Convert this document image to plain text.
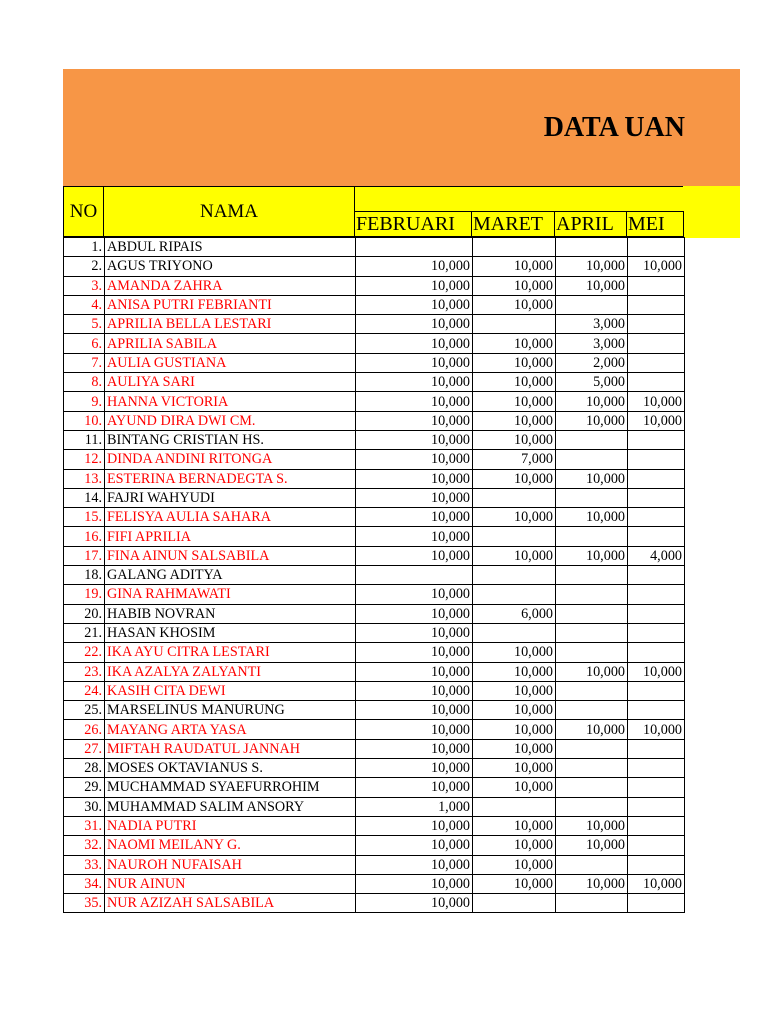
DATA UAN
NO	NAMA
FEBRUARI MARET APRIL MEI
1.	ABDUL RIPAIS				
2.	AGUS TRIYONO	10,000	10,000	10,000	10,000
3.	AMANDA ZAHRA	10,000	10,000	10,000	
4.	ANISA PUTRI FEBRIANTI	10,000	10,000		
5.	APRILIA BELLA LESTARI	10,000		3,000	
6.	APRILIA SABILA	10,000	10,000	3,000	
7.	AULIA GUSTIANA	10,000	10,000	2,000	
8.	AULIYA SARI	10,000	10,000	5,000	
9.	HANNA VICTORIA	10,000	10,000	10,000	10,000
10.	AYUND DIRA DWI CM.	10,000	10,000	10,000	10,000
11.	BINTANG CRISTIAN HS.	10,000	10,000		
12.	DINDA ANDINI RITONGA	10,000	7,000		
13.	ESTERINA BERNADEGTA S.	10,000	10,000	10,000	
14.	FAJRI WAHYUDI	10,000			
15.	FELISYA AULIA SAHARA	10,000	10,000	10,000	
16.	FIFI APRILIA	10,000			
17.	FINA AINUN SALSABILA	10,000	10,000	10,000	4,000
18.	GALANG ADITYA				
19.	GINA RAHMAWATI	10,000			
20.	HABIB NOVRAN	10,000	6,000		
21.	HASAN KHOSIM	10,000			
22.	IKA AYU CITRA LESTARI	10,000	10,000		
23.	IKA AZALYA ZALYANTI	10,000	10,000	10,000	10,000
24.	KASIH CITA DEWI	10,000	10,000		
25.	MARSELINUS MANURUNG	10,000	10,000		
26.	MAYANG ARTA YASA	10,000	10,000	10,000	10,000
27.	MIFTAH RAUDATUL JANNAH	10,000	10,000		
28.	MOSES OKTAVIANUS S.	10,000	10,000		
29.	MUCHAMMAD SYAEFURROHIM	10,000	10,000		
30.	MUHAMMAD SALIM ANSORY	1,000			
31.	NADIA PUTRI	10,000	10,000	10,000	
32.	NAOMI MEILANY G.	10,000	10,000	10,000	
33.	NAUROH NUFAISAH	10,000	10,000		
34.	NUR AINUN	10,000	10,000	10,000	10,000
35.	NUR AZIZAH SALSABILA	10,000			
